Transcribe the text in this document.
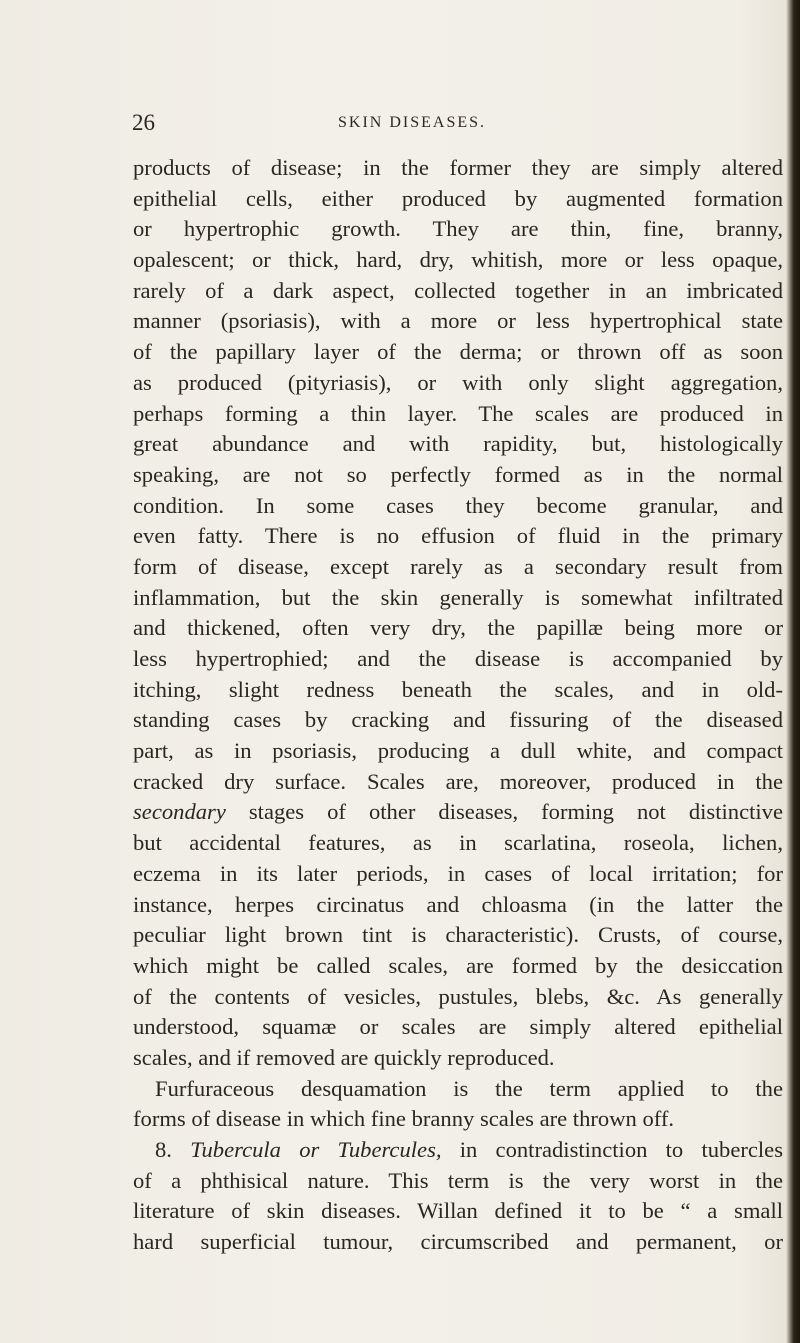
26	SKIN DISEASES.
products of disease; in the former they are simply altered
epithelial cells, either produced by augmented formation
or hypertrophic growth. They are thin, fine, branny,
opalescent; or thick, hard, dry, whitish, more or less opaque,
rarely of a dark aspect, collected together in an imbricated
manner (psoriasis), with a more or less hypertrophical state
of the papillary layer of the derma; or thrown off as soon
as produced (pityriasis), or with only slight aggregation,
perhaps forming a thin layer. The scales are produced in
great abundance and with rapidity, but, histologically
speaking, are not so perfectly formed as in the normal
condition. In some cases they become granular, and
even fatty. There is no effusion of fluid in the primary
form of disease, except rarely as a secondary result from
inflammation, but the skin generally is somewhat infiltrated
and thickened, often very dry, the papillæ being more or
less hypertrophied; and the disease is accompanied by
itching, slight redness beneath the scales, and in old-
standing cases by cracking and fissuring of the diseased
part, as in psoriasis, producing a dull white, and compact
cracked dry surface. Scales are, moreover, produced in the
secondary stages of other diseases, forming not distinctive
but accidental features, as in scarlatina, roseola, lichen,
eczema in its later periods, in cases of local irritation; for
instance, herpes circinatus and chloasma (in the latter the
peculiar light brown tint is characteristic). Crusts, of course,
which might be called scales, are formed by the desiccation
of the contents of vesicles, pustules, blebs, &c. As generally
understood, squamæ or scales are simply altered epithelial
scales, and if removed are quickly reproduced.
Furfuraceous desquamation is the term applied to the
forms of disease in which fine branny scales are thrown off.
8. Tubercula or Tubercules, in contradistinction to tubercles
of a phthisical nature. This term is the very worst in the
literature of skin diseases. Willan defined it to be “ a small
hard superficial tumour, circumscribed and permanent, or
